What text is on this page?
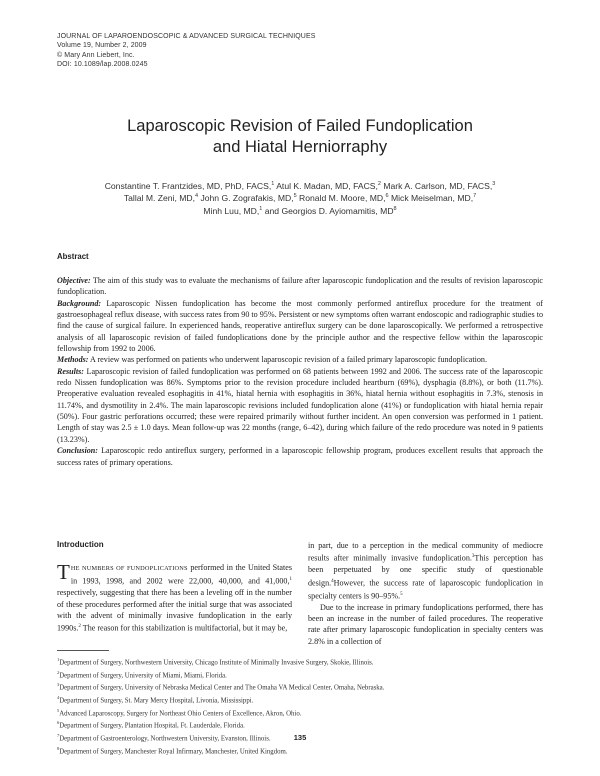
JOURNAL OF LAPAROENDOSCOPIC & ADVANCED SURGICAL TECHNIQUES
Volume 19, Number 2, 2009
© Mary Ann Liebert, Inc.
DOI: 10.1089/lap.2008.0245
Laparoscopic Revision of Failed Fundoplication
and Hiatal Herniorraphy
Constantine T. Frantzides, MD, PhD, FACS,$^1$ Atul K. Madan, MD, FACS,$^2$ Mark A. Carlson, MD, FACS,$^3$
Tallal M. Zeni, MD,$^4$ John G. Zografakis, MD,$^5$ Ronald M. Moore, MD,$^6$ Mick Meiselman, MD,$^7$
Minh Luu, MD,$^1$ and Georgios D. Ayiomamitis, $MD^8$
Abstract

Objective: The aim of this study was to evaluate the mechanisms of failure after laparoscopic fundoplication and the results of revision laparoscopic fundoplication.

Background: Laparoscopic Nissen fundoplication has become the most commonly performed antireflux procedure for the treatment of gastroesophageal reflux disease, with success rates from 90 to 95%. Persistent or new symptoms often warrant endoscopic and radiographic studies to find the cause of surgical failure. In experienced hands, reoperative antireflux surgery can be done laparoscopically. We performed a retrospective analysis of all laparoscopic revision of failed fundoplications done by the principle author and the respective fellow within the laparoscopic fellowship from 1992 to 2006.

Methods: A review was performed on patients who underwent laparoscopic revision of a failed primary laparoscopic fundoplication.

Results: Laparoscopic revision of failed fundoplication was performed on 68 patients between 1992 and 2006. The success rate of the laparoscopic redo Nissen fundoplication was 86%. Symptoms prior to the revision procedure included heartburn (69%), dysphagia (8.8%), or both (11.7%). Preoperative evaluation revealed esophagitis in 41%, hiatal hernia with esophagitis in 36%, hiatal hernia without esophagitis in 7.3%, stenosis in 11.74%, and dysmotility in 2.4%. The main laparoscopic revisions included fundoplication alone (41%) or fundoplication with hiatal hernia repair (50%). Four gastric perforations occurred; these were repaired primarily without further incident. An open conversion was performed in 1 patient. Length of stay was 2.5 ± 1.0 days. Mean follow-up was 22 months (range, 6–42), during which failure of the redo procedure was noted in 9 patients (13.23%).

Conclusion: Laparoscopic redo antireflux surgery, performed in a laparoscopic fellowship program, produces excellent results that approach the success rates of primary operations.

Introduction

THE NUMBERS OF FUNDOPLICATIONS performed in the United States in 1993, 1998, and 2002 were 22,000, 40,000, and 41,000,$^1$ respectively, suggesting that there has been a leveling off in the number of these procedures performed after the initial surge that was associated with the advent of minimally invasive fundoplication in the early 1990s.$^2$ The reason for this stabilization is multifactorial, but it may be,

in part, due to a perception in the medical community of mediocre results after minimally invasive fundoplication.$^3$This perception has been perpetuated by one specific study of questionable design.$^4$However, the success rate of laparoscopic fundoplication in specialty centers is 90–95%.$^5$

Due to the increase in primary fundoplications performed, there has been an increase in the number of failed procedures. The reoperative rate after primary laparoscopic fundoplication in specialty centers was 2.8% in a collection of

$^1$Department of Surgery, Northwestern University, Chicago Institute of Minimally Invasive Surgery, Skokie, Illinois.
$^2$Department of Surgery, University of Miami, Miami, Florida.
$^3$Department of Surgery, University of Nebraska Medical Center and The Omaha VA Medical Center, Omaha, Nebraska.
$^4$Department of Surgery, St. Mary Mercy Hospital, Livonia, Mississippi.
$^5$Advanced Laparoscopy, Surgery for Northeast Ohio Centers of Excellence, Akron, Ohio.
$^6$Department of Surgery, Plantation Hospital, Ft. Lauderdale, Florida.
$^7$Department of Gastroenterology, Northwestern University, Evanston, Illinois.
$^8$Department of Surgery, Manchester Royal Infirmary, Manchester, United Kingdom.
135
